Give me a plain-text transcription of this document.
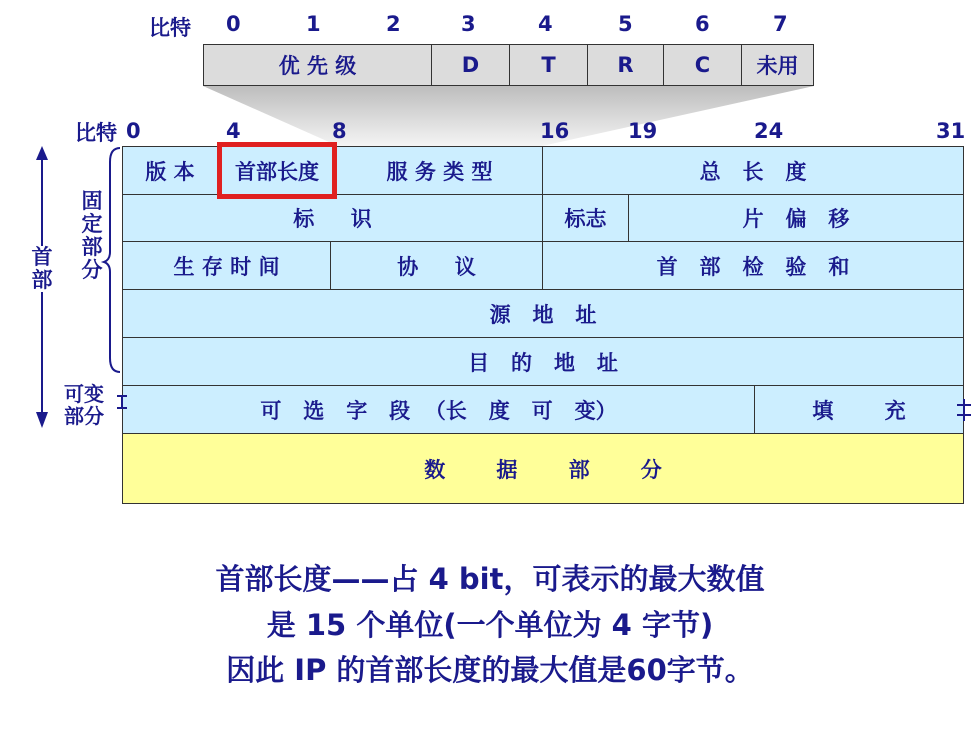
比特 0	1	2	3	4	5	6	7
优 先 级	D	T	R	C	未用
比特 0	4	8	16	19	24	31
版 本	首部长度	服 务 类 型	总   长   度
标     识	标志	片   偏   移
生 存 时 间	协     议	首   部   检   验   和
源   地   址
目   的   地   址
可   选   字   段  （长   度   可   变）	填       充
数       据       部       分
首部
固定部分
可变部分
首部长度——占 4 bit，可表示的最大数值
是 15 个单位(一个单位为 4 字节)
因此 IP 的首部长度的最大值是60字节。
